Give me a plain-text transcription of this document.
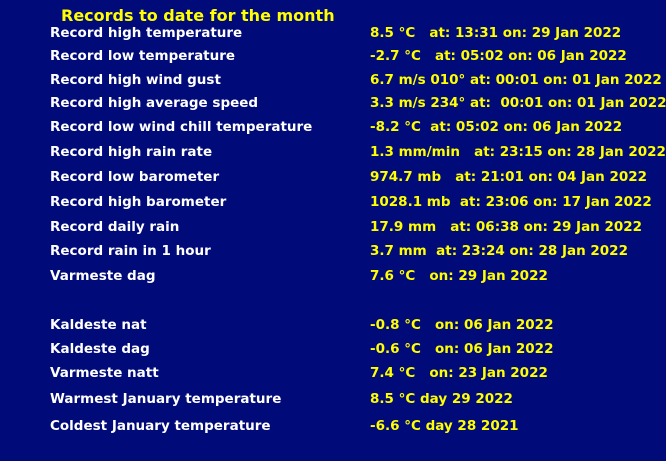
Records to date for the month
Record high temperature	8.5 °C   at: 13:31 on: 29 Jan 2022
Record low temperature	-2.7 °C   at: 05:02 on: 06 Jan 2022
Record high wind gust	6.7 m/s 010° at: 00:01 on: 01 Jan 2022
Record high average speed	3.3 m/s 234° at:  00:01 on: 01 Jan 2022
Record low wind chill temperature	-8.2 °C  at: 05:02 on: 06 Jan 2022
Record high rain rate	1.3 mm/min   at: 23:15 on: 28 Jan 2022
Record low barometer	974.7 mb   at: 21:01 on: 04 Jan 2022
Record high barometer	1028.1 mb  at: 23:06 on: 17 Jan 2022
Record daily rain	17.9 mm   at: 06:38 on: 29 Jan 2022
Record rain in 1 hour	3.7 mm  at: 23:24 on: 28 Jan 2022
Varmeste dag	7.6 °C   on: 29 Jan 2022
Kaldeste nat	-0.8 °C   on: 06 Jan 2022
Kaldeste dag	-0.6 °C   on: 06 Jan 2022
Varmeste natt	7.4 °C   on: 23 Jan 2022
Warmest January temperature	8.5 °C day 29 2022
Coldest January temperature	-6.6 °C day 28 2021
